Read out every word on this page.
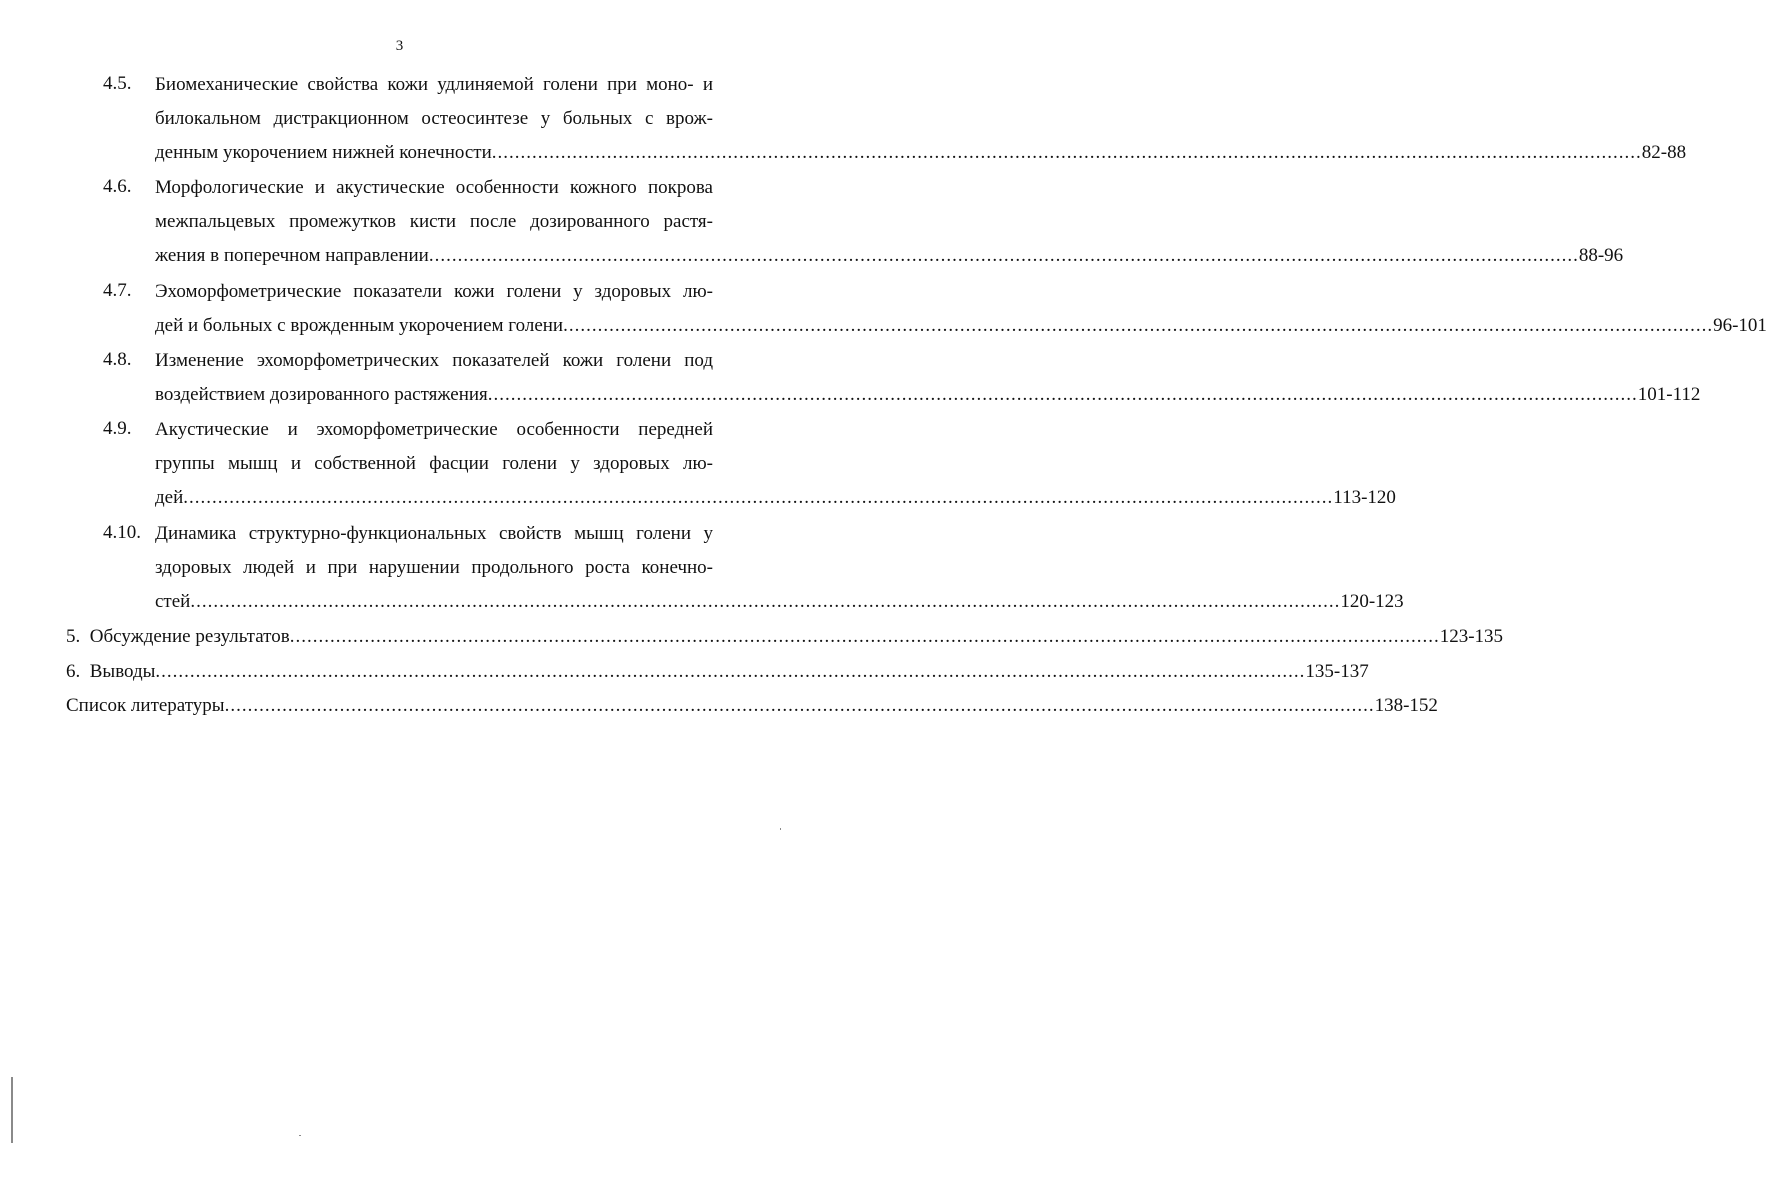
3
4.5. Биомеханические свойства кожи удлиняемой голени при моно- и
билокальном дистракционном остеосинтезе у больных с врож-
денным укорочением нижней конечности ........................................................................................................................................................................................................ 82-88
4.6. Морфологические и акустические особенности кожного покрова
межпальцевых промежутков кисти после дозированного растя-
жения в поперечном направлении ........................................................................................................................................................................................................ 88-96
4.7. Эхоморфометрические показатели кожи голени у здоровых лю-
дей и больных с врожденным укорочением голени ........................................................................................................................................................................................................ 96-101
4.8. Изменение эхоморфометрических показателей кожи голени под
воздействием дозированного растяжения ........................................................................................................................................................................................................ 101-112
4.9. Акустические и эхоморфометрические особенности передней
группы мышц и собственной фасции голени у здоровых лю-
дей ........................................................................................................................................................................................................ 113-120
4.10. Динамика структурно-функциональных свойств мышц голени у
здоровых людей и при нарушении продольного роста конечно-
стей ........................................................................................................................................................................................................ 120-123
5.  Обсуждение результатов ........................................................................................................................................................................................................ 123-135
6.  Выводы ........................................................................................................................................................................................................ 135-137
Список литературы ........................................................................................................................................................................................................ 138-152
